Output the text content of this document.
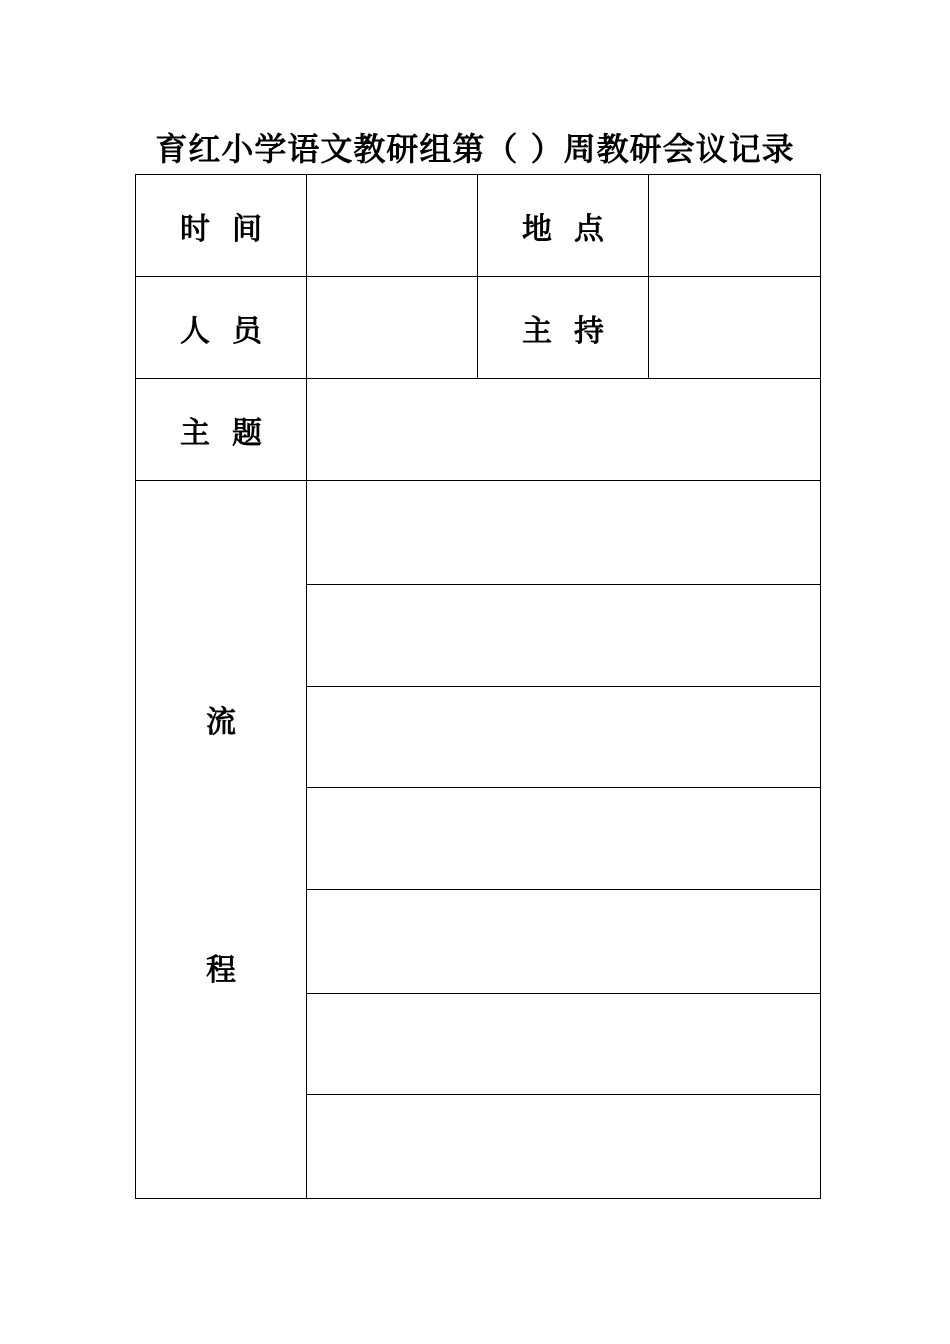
育红小学语文教研组第（ ）周教研会议记录
时 间		地 点	
人 员		主 持	
主 题			

流
程			
